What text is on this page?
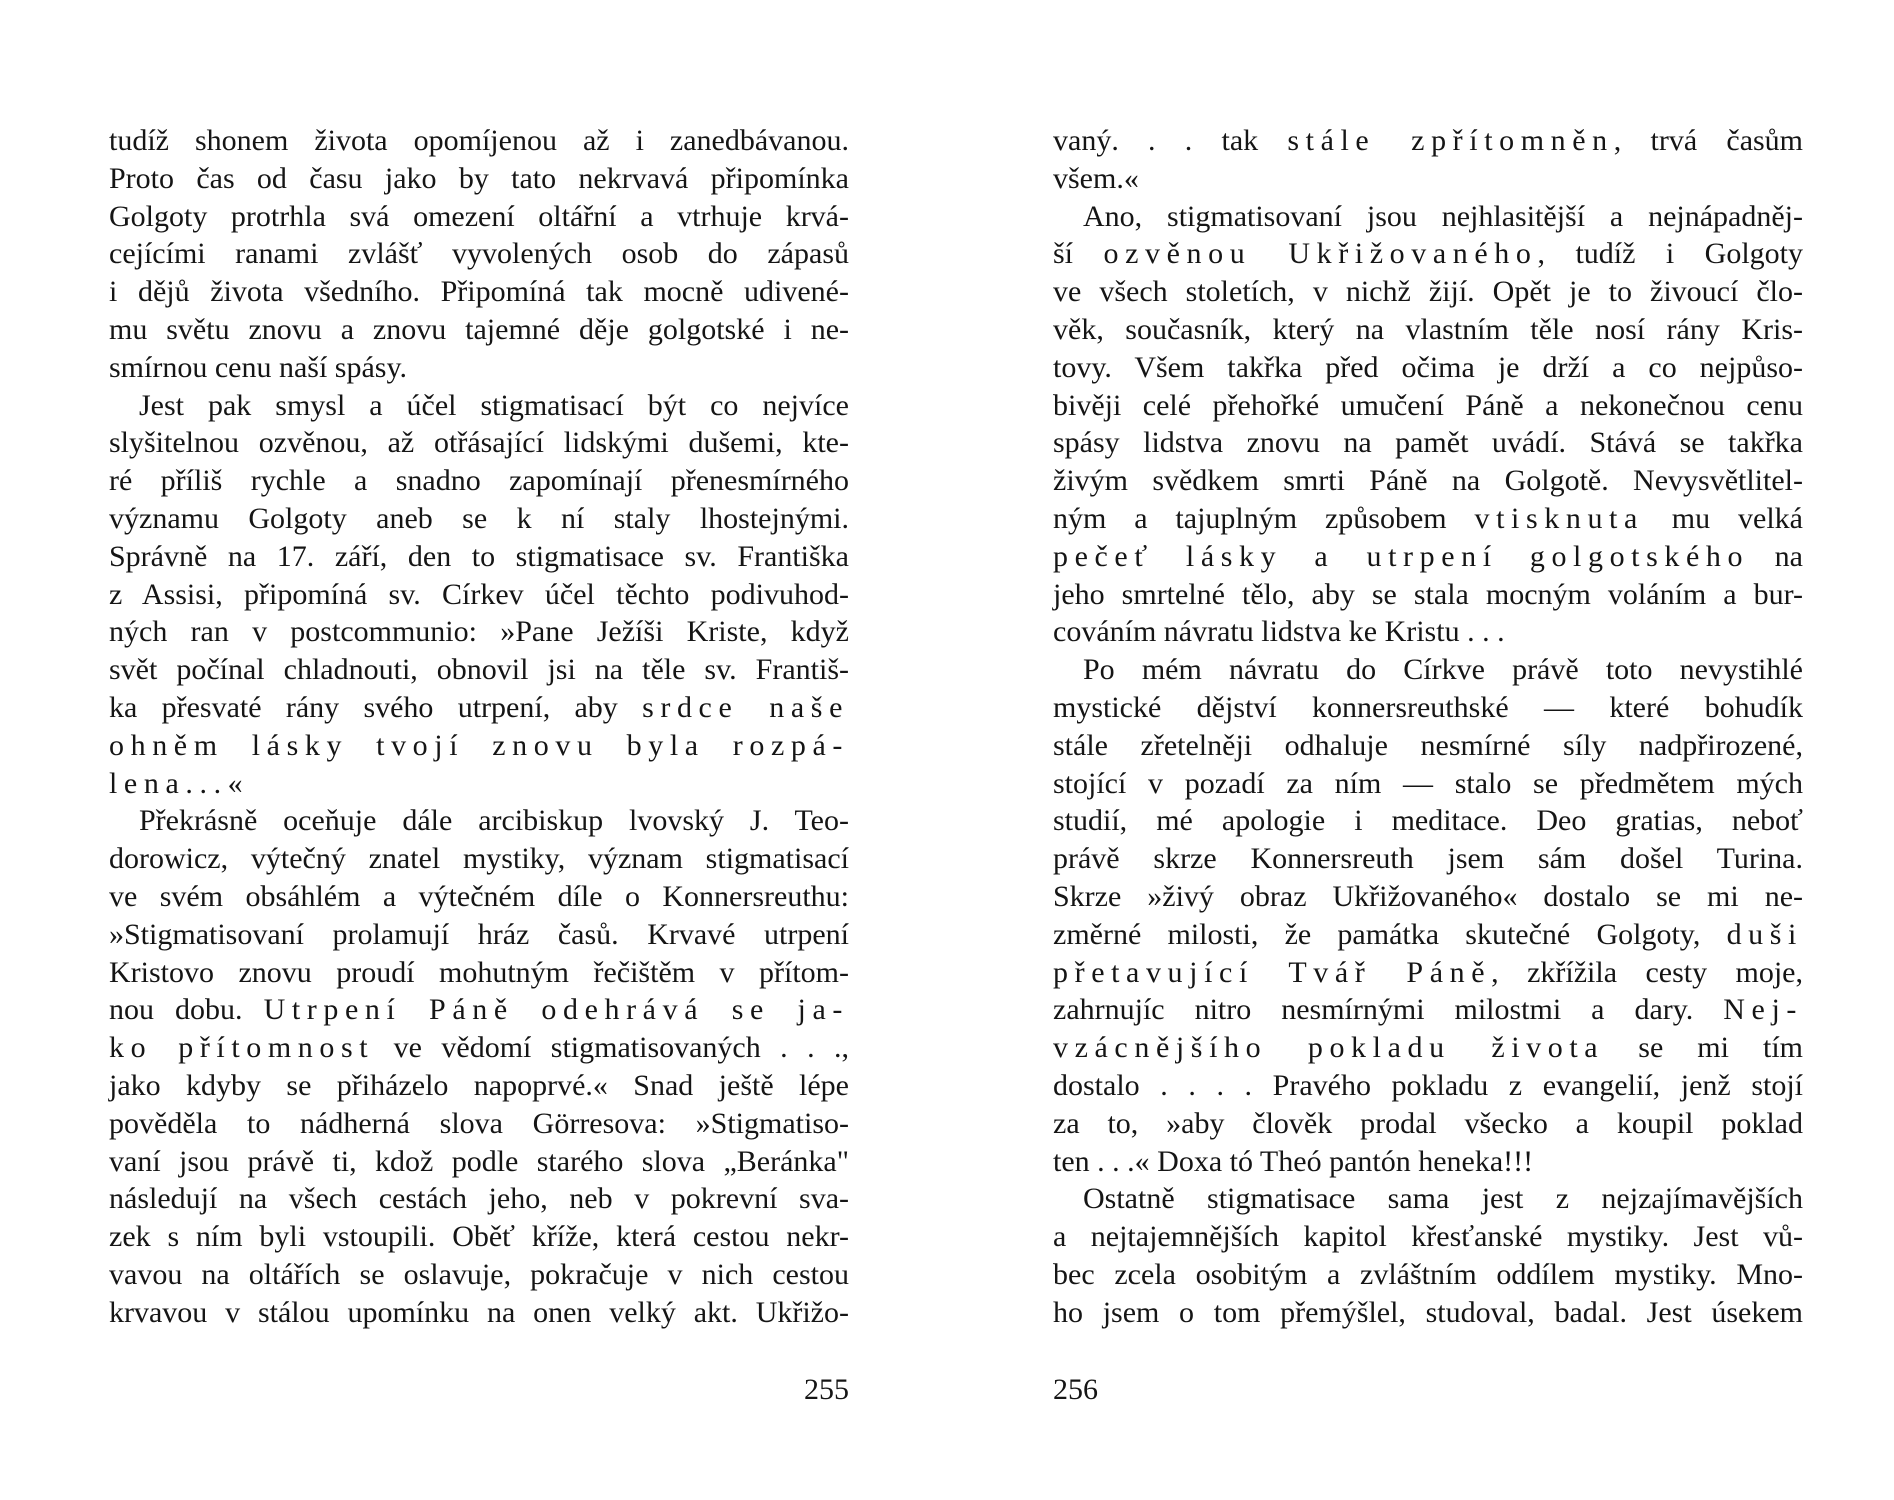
tudíž shonem života opomíjenou až i zanedbávanou.
Proto čas od času jako by tato nekrvavá připomínka
Golgoty protrhla svá omezení oltářní a vtrhuje krvá-
cejícími ranami zvlášť vyvolených osob do zápasů
i dějů života všedního. Připomíná tak mocně udivené-
mu světu znovu a znovu tajemné děje golgotské i ne-
smírnou cenu naší spásy.
Jest pak smysl a účel stigmatisací být co nejvíce
slyšitelnou ozvěnou, až otřásající lidskými dušemi, kte-
ré příliš rychle a snadno zapomínají přenesmírného
významu Golgoty aneb se k ní staly lhostejnými.
Správně na 17. září, den to stigmatisace sv. Františka
z Assisi, připomíná sv. Církev účel těchto podivuhod-
ných ran v postcommunio: »Pane Ježíši Kriste, když
svět počínal chladnouti, obnovil jsi na těle sv. Františ-
ka přesvaté rány svého utrpení, aby srdce naše
ohněm lásky tvojí znovu byla rozpá-
lena...«
Překrásně oceňuje dále arcibiskup lvovský J. Teo-
dorowicz, výtečný znatel mystiky, význam stigmatisací
ve svém obsáhlém a výtečném díle o Konnersreuthu:
»Stigmatisovaní prolamují hráz časů. Krvavé utrpení
Kristovo znovu proudí mohutným řečištěm v přítom-
nou dobu. Utrpení Páně odehrává se ja-
ko přítomnost ve vědomí stigmatisovaných . . .,
jako kdyby se přiházelo napoprvé.« Snad ještě lépe
pověděla to nádherná slova Görresova: »Stigmatiso-
vaní jsou právě ti, kdož podle starého slova „Beránka"
následují na všech cestách jeho, neb v pokrevní sva-
zek s ním byli vstoupili. Oběť kříže, která cestou nekr-
vavou na oltářích se oslavuje, pokračuje v nich cestou
krvavou v stálou upomínku na onen velký akt. Ukřižo-
vaný. . . tak stále zpřítomněn, trvá časům
všem.«
Ano, stigmatisovaní jsou nejhlasitější a nejnápadněj-
ší ozvěnou Ukřižovaného, tudíž i Golgoty
ve všech stoletích, v nichž žijí. Opět je to živoucí člo-
věk, současník, který na vlastním těle nosí rány Kris-
tovy. Všem takřka před očima je drží a co nejpůso-
bivěji celé přehořké umučení Páně a nekonečnou cenu
spásy lidstva znovu na pamět uvádí. Stává se takřka
živým svědkem smrti Páně na Golgotě. Nevysvětlitel-
ným a tajuplným způsobem vtisknuta mu velká
pečeť lásky a utrpení golgotského na
jeho smrtelné tělo, aby se stala mocným voláním a bur-
cováním návratu lidstva ke Kristu . . .
Po mém návratu do Církve právě toto nevystihlé
mystické dějství konnersreuthské — které bohudík
stále zřetelněji odhaluje nesmírné síly nadpřirozené,
stojící v pozadí za ním — stalo se předmětem mých
studií, mé apologie i meditace. Deo gratias, neboť
právě skrze Konnersreuth jsem sám došel Turina.
Skrze »živý obraz Ukřižovaného« dostalo se mi ne-
změrné milosti, že památka skutečné Golgoty, duši
přetavující Tvář Páně, zkřížila cesty moje,
zahrnujíc nitro nesmírnými milostmi a dary. Nej-
vzácnějšího pokladu života se mi tím
dostalo . . . . Pravého pokladu z evangelií, jenž stojí
za to, »aby člověk prodal všecko a koupil poklad
ten . . .« Doxa tó Theó pantón heneka!!!
Ostatně stigmatisace sama jest z nejzajímavějších
a nejtajemnějších kapitol křesťanské mystiky. Jest vů-
bec zcela osobitým a zvláštním oddílem mystiky. Mno-
ho jsem o tom přemýšlel, studoval, badal. Jest úsekem
255	256
